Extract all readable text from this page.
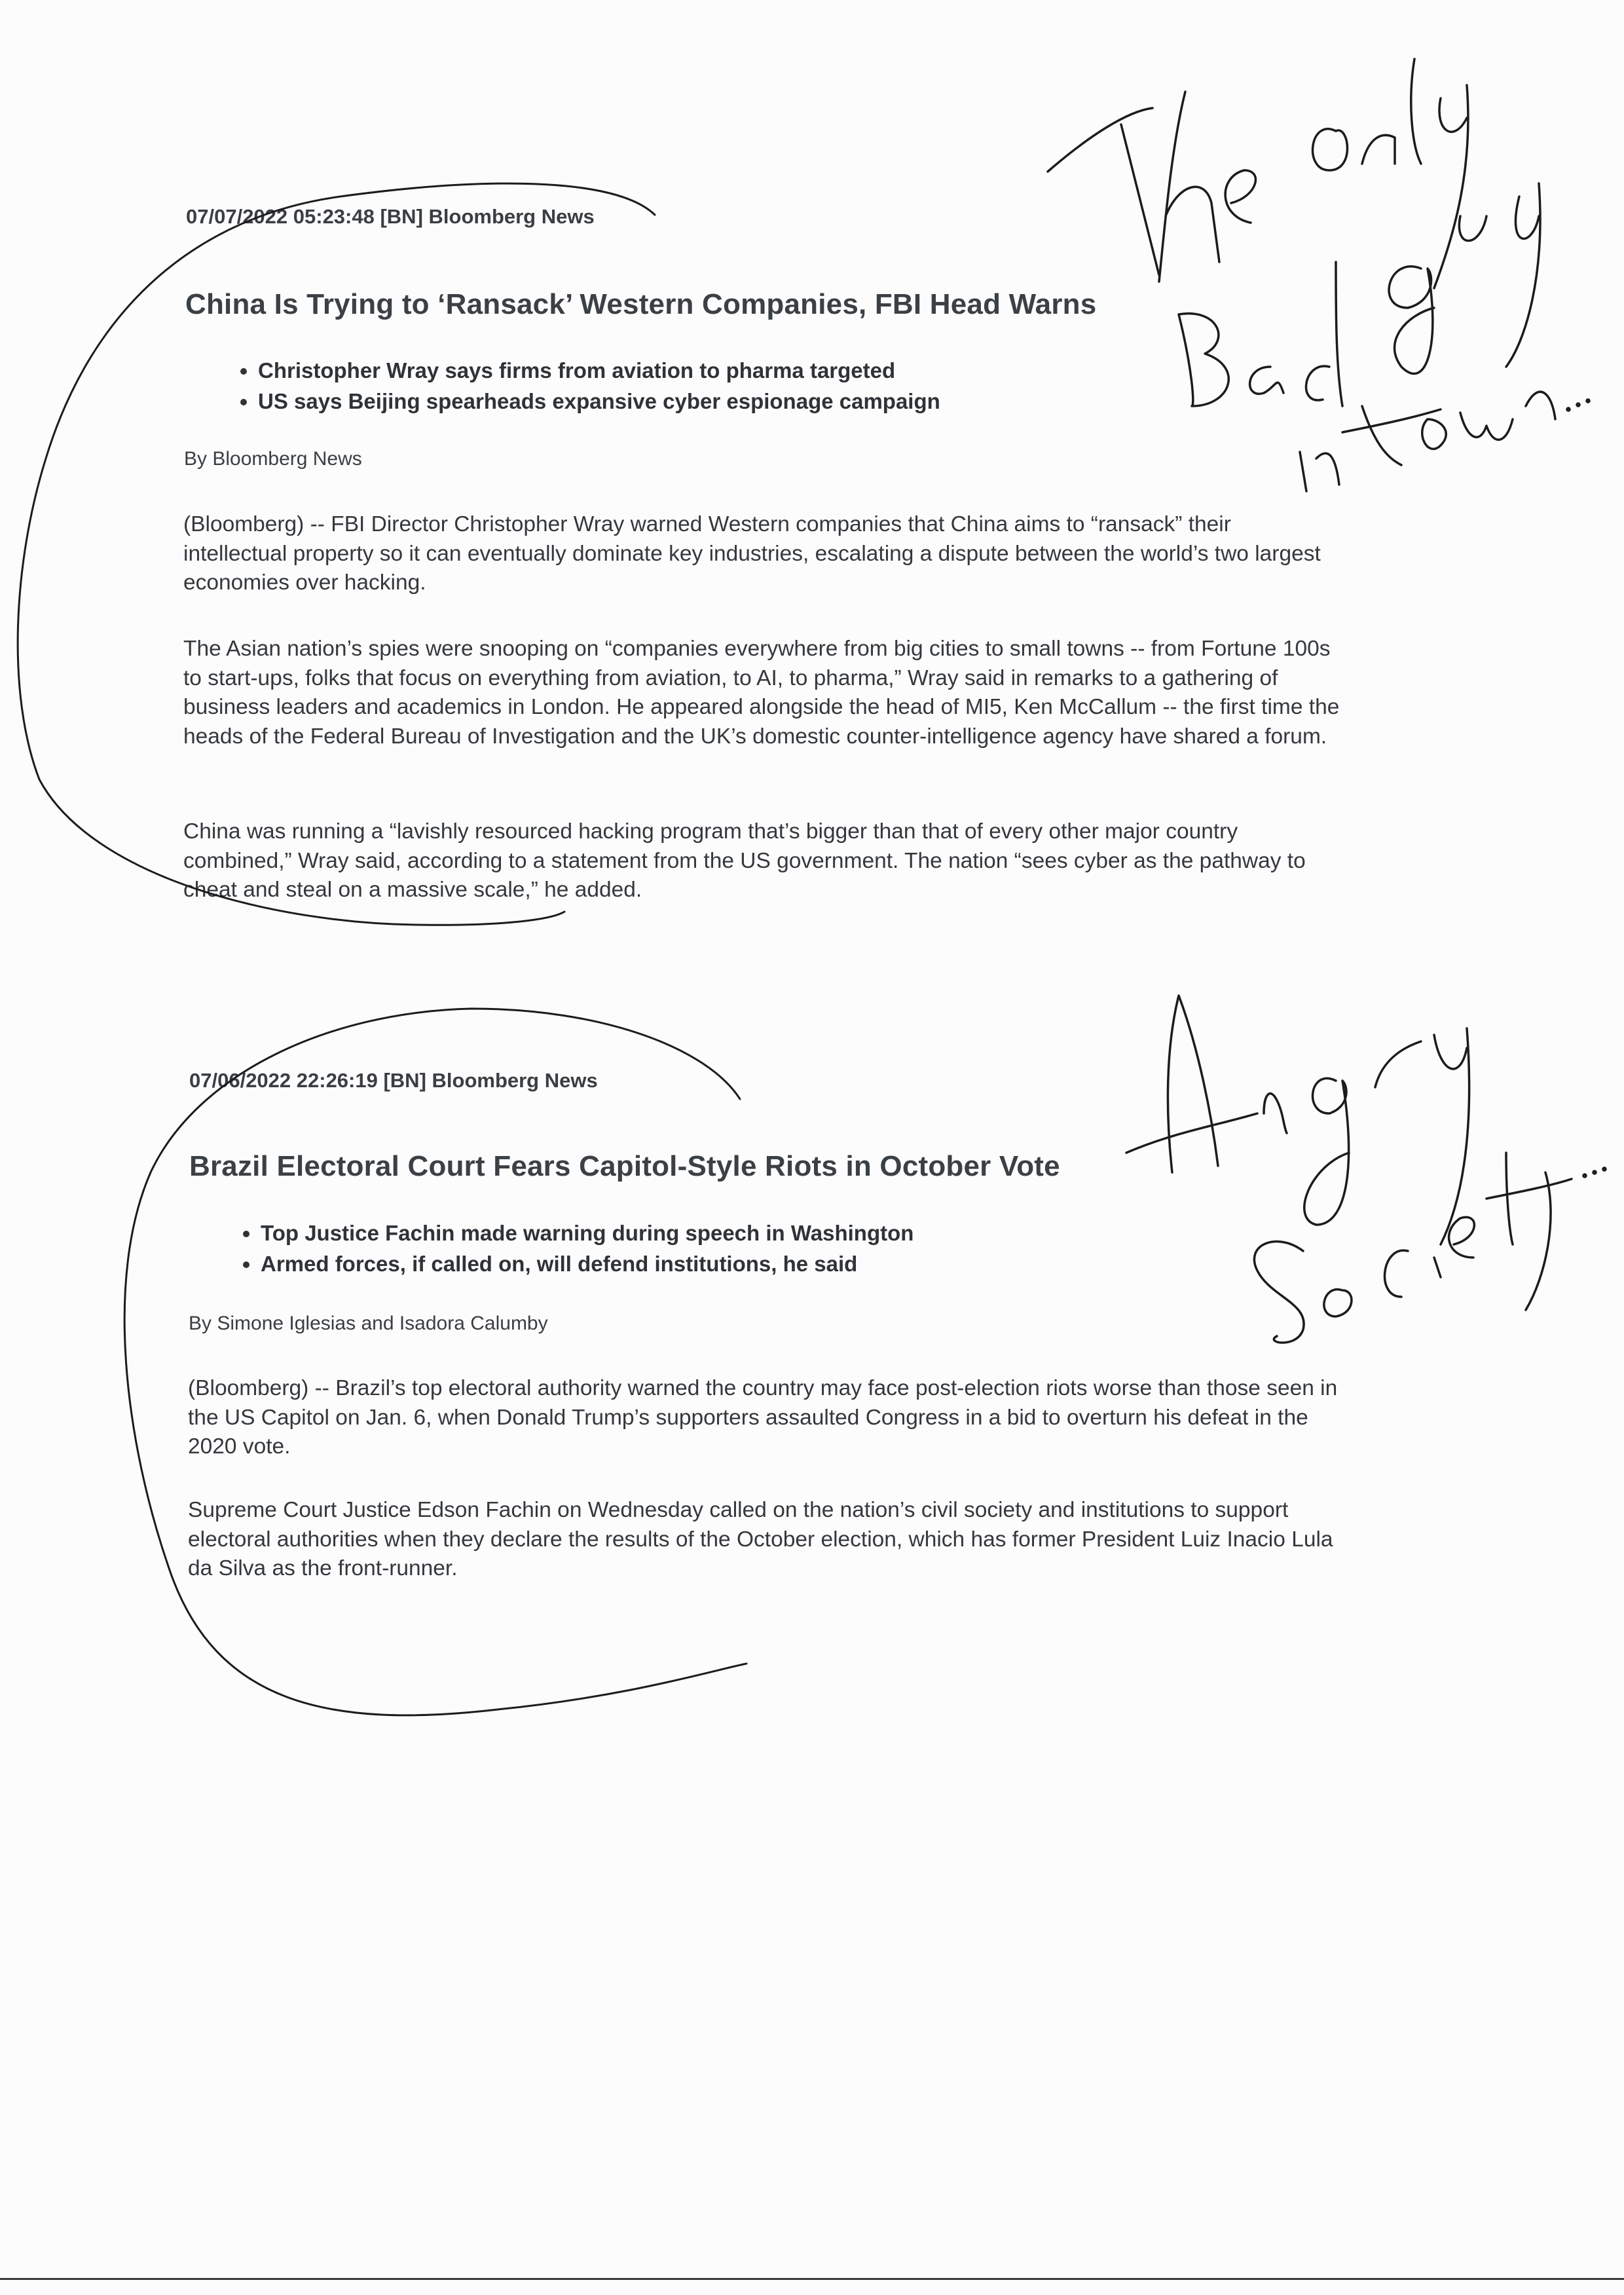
07/07/2022 05:23:48 [BN] Bloomberg News
China Is Trying to ‘Ransack’ Western Companies, FBI Head Warns
• Christopher Wray says firms from aviation to pharma targeted
• US says Beijing spearheads expansive cyber espionage campaign
By Bloomberg News

(Bloomberg) -- FBI Director Christopher Wray warned Western companies that China aims to “ransack” their intellectual property so it can eventually dominate key industries, escalating a dispute between the world’s two largest economies over hacking.

The Asian nation’s spies were snooping on “companies everywhere from big cities to small towns -- from Fortune 100s to start-ups, folks that focus on everything from aviation, to AI, to pharma,” Wray said in remarks to a gathering of business leaders and academics in London. He appeared alongside the head of MI5, Ken McCallum -- the first time the heads of the Federal Bureau of Investigation and the UK’s domestic counter-intelligence agency have shared a forum.

China was running a “lavishly resourced hacking program that’s bigger than that of every other major country combined,” Wray said, according to a statement from the US government. The nation “sees cyber as the pathway to cheat and steal on a massive scale,” he added.

07/06/2022 22:26:19 [BN] Bloomberg News
Brazil Electoral Court Fears Capitol-Style Riots in October Vote
• Top Justice Fachin made warning during speech in Washington
• Armed forces, if called on, will defend institutions, he said
By Simone Iglesias and Isadora Calumby

(Bloomberg) -- Brazil’s top electoral authority warned the country may face post-election riots worse than those seen in the US Capitol on Jan. 6, when Donald Trump’s supporters assaulted Congress in a bid to overturn his defeat in the 2020 vote.

Supreme Court Justice Edson Fachin on Wednesday called on the nation’s civil society and institutions to support electoral authorities when they declare the results of the October election, which has former President Luiz Inacio Lula da Silva as the front-runner.
